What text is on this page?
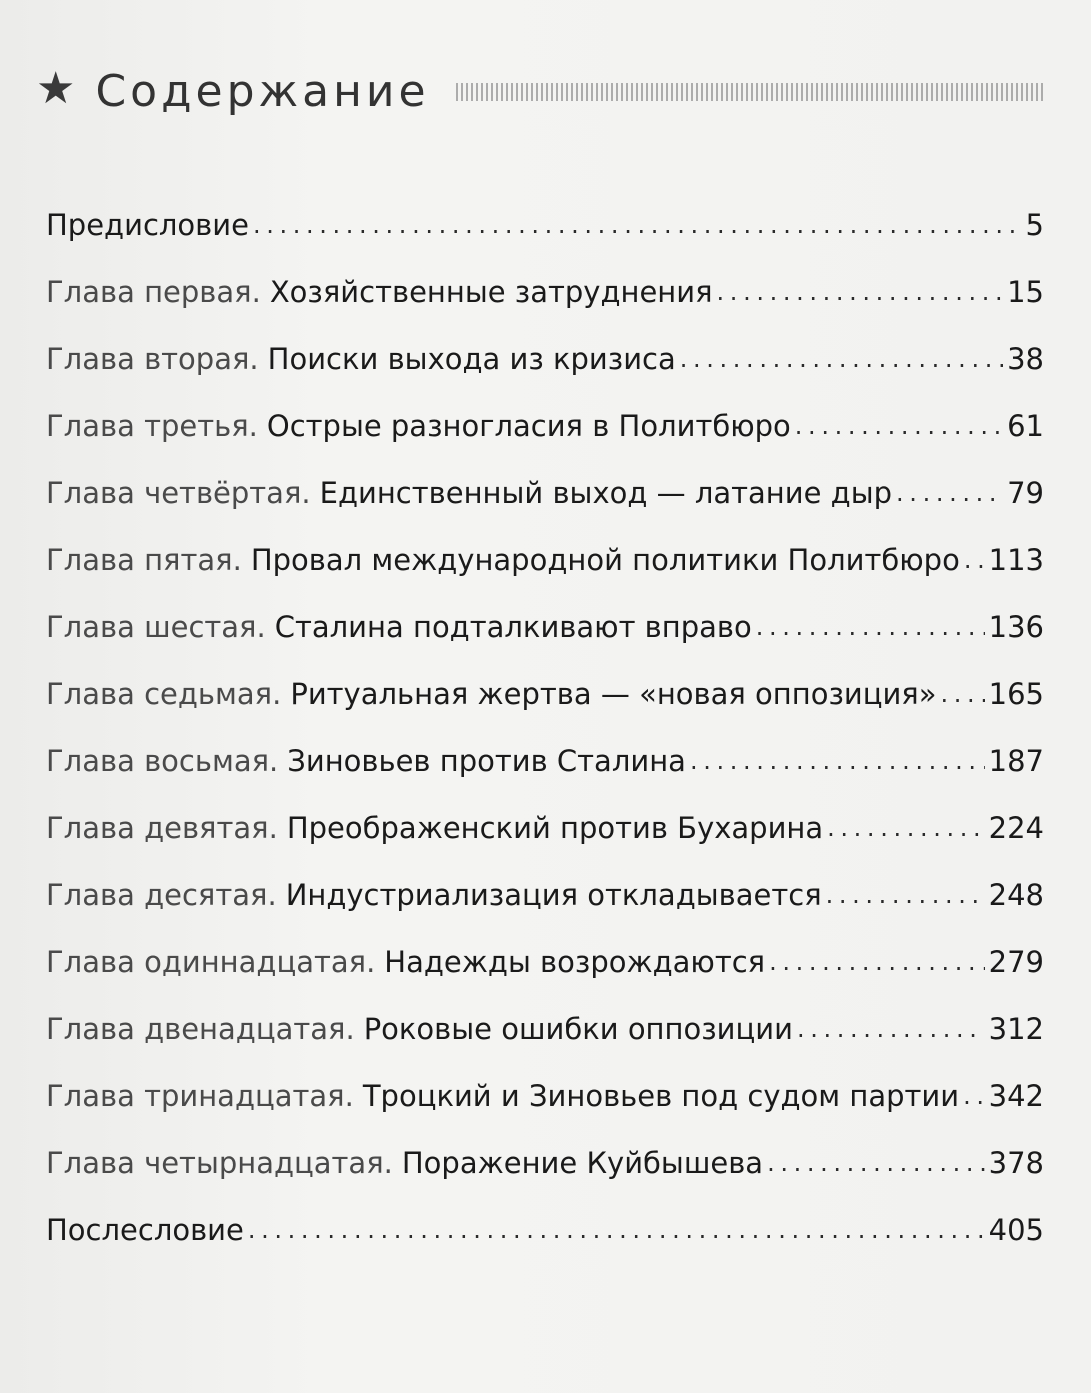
★ Содержание
Предисловие . . .	5
Глава первая. Хозяйственные затруднения . . .	15
Глава вторая. Поиски выхода из кризиса . . .	38
Глава третья. Острые разногласия в Политбюро . . .	61
Глава четвёртая. Единственный выход — латание дыр . . .	79
Глава пятая. Провал международной политики Политбюро . . . 113
Глава шестая. Сталина подталкивают вправо . . .	136
Глава седьмая. Ритуальная жертва — «новая оппозиция» . . . 165
Глава восьмая. Зиновьев против Сталина . . .	187
Глава девятая. Преображенский против Бухарина . . .	224
Глава десятая. Индустриализация откладывается . . .	248
Глава одиннадцатая. Надежды возрождаются . . .	279
Глава двенадцатая. Роковые ошибки оппозиции . . .	312
Глава тринадцатая. Троцкий и Зиновьев под судом партии . . . 342
Глава четырнадцатая. Поражение Куйбышева . . .	378
Послесловие . . .	405
